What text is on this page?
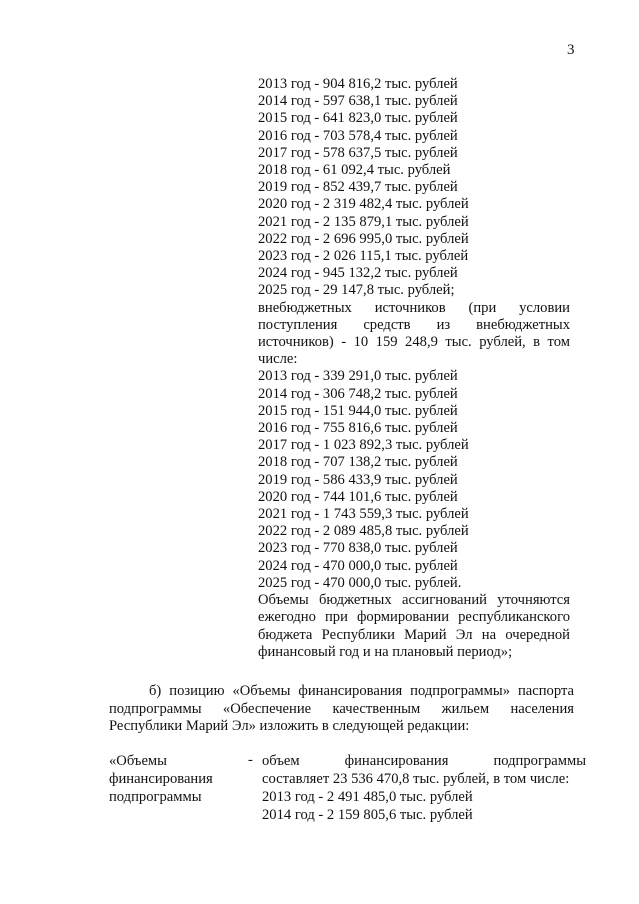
3
2013 год - 904 816,2 тыс. рублей
2014 год - 597 638,1 тыс. рублей
2015 год - 641 823,0 тыс. рублей
2016 год - 703 578,4 тыс. рублей
2017 год - 578 637,5 тыс. рублей
2018 год - 61 092,4 тыс. рублей
2019 год - 852 439,7 тыс. рублей
2020 год - 2 319 482,4 тыс. рублей
2021 год - 2 135 879,1 тыс. рублей
2022 год - 2 696 995,0 тыс. рублей
2023 год - 2 026 115,1 тыс. рублей
2024 год - 945 132,2 тыс. рублей
2025 год - 29 147,8 тыс. рублей;
внебюджетных источников (при условии
поступления средств из внебюджетных
источников) - 10 159 248,9 тыс. рублей, в том
числе:
2013 год - 339 291,0 тыс. рублей
2014 год - 306 748,2 тыс. рублей
2015 год - 151 944,0 тыс. рублей
2016 год - 755 816,6 тыс. рублей
2017 год - 1 023 892,3 тыс. рублей
2018 год - 707 138,2 тыс. рублей
2019 год - 586 433,9 тыс. рублей
2020 год - 744 101,6 тыс. рублей
2021 год - 1 743 559,3 тыс. рублей
2022 год - 2 089 485,8 тыс. рублей
2023 год - 770 838,0 тыс. рублей
2024 год - 470 000,0 тыс. рублей
2025 год - 470 000,0 тыс. рублей.
Объемы бюджетных ассигнований уточняются
ежегодно при формировании республиканского
бюджета Республики Марий Эл на очередной
финансовый год и на плановый период»;
б) позицию «Объемы финансирования подпрограммы» паспорта
подпрограммы «Обеспечение качественным жильем населения
Республики Марий Эл» изложить в следующей редакции:
«Объемы
финансирования
подпрограммы
- объем финансирования подпрограммы
составляет 23 536 470,8 тыс. рублей, в том числе:
2013 год - 2 491 485,0 тыс. рублей
2014 год - 2 159 805,6 тыс. рублей
